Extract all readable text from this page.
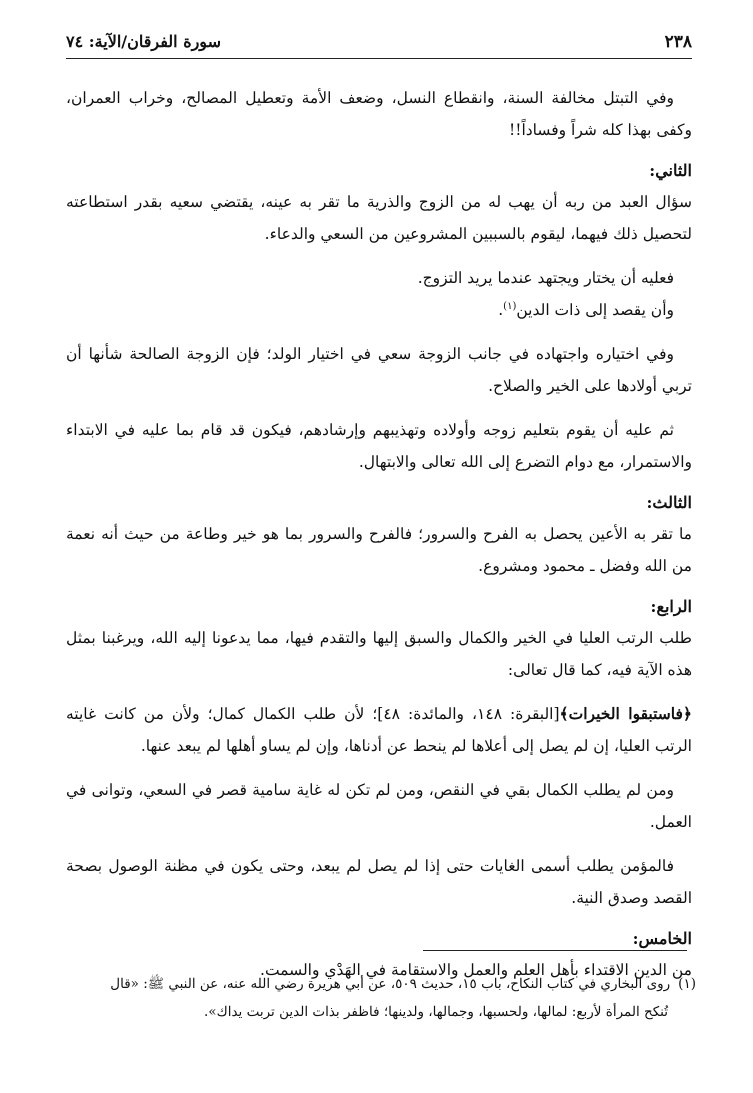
٢٣٨
سورة الفرقان/الآية: ٧٤

وفي التبتل مخالفة السنة، وانقطاع النسل، وضعف الأمة وتعطيل المصالح، وخراب العمران، وكفى بهذا كله شراً وفساداً!!

الثاني:

سؤال العبد من ربه أن يهب له من الزوج والذرية ما تقر به عينه، يقتضي سعيه بقدر استطاعته لتحصيل ذلك فيهما، ليقوم بالسببين المشروعين من السعي والدعاء.

فعليه أن يختار ويجتهد عندما يريد التزوج.

وأن يقصد إلى ذات الدين$^{(١)}$.

وفي اختياره واجتهاده في جانب الزوجة سعي في اختيار الولد؛ فإن الزوجة الصالحة شأنها أن تربي أولادها على الخير والصلاح.

ثم عليه أن يقوم بتعليم زوجه وأولاده وتهذيبهم وإرشادهم، فيكون قد قام بما عليه في الابتداء والاستمرار، مع دوام التضرع إلى الله تعالى والابتهال.

الثالث:

ما تقر به الأعين يحصل به الفرح والسرور؛ فالفرح والسرور بما هو خير وطاعة من حيث أنه نعمة من الله وفضل ـ محمود ومشروع.

الرابع:

طلب الرتب العليا في الخير والكمال والسبق إليها والتقدم فيها، مما يدعونا إليه الله، ويرغبنا بمثل هذه الآية فيه، كما قال تعالى:

﴿فاستبقوا الخيرات﴾[البقرة: ١٤٨، والمائدة: ٤٨]؛ لأن طلب الكمال كمال؛ ولأن من كانت غايته الرتب العليا، إن لم يصل إلى أعلاها لم ينحط عن أدناها، وإن لم يساو أهلها لم يبعد عنها.

ومن لم يطلب الكمال بقي في النقص، ومن لم تكن له غاية سامية قصر في السعي، وتوانى في العمل.

فالمؤمن يطلب أسمى الغايات حتى إذا لم يصل لم يبعد، وحتى يكون في مظنة الوصول بصحة القصد وصدق النية.

الخامس:

من الدين الاقتداء بأهل العلم والعمل والاستقامة في الهَدْي والسمت.

(١)روى البخاري في كتاب النكاح، باب ١٥، حديث ٥٠٩، عن أبي هريرة رضي الله عنه، عن النبي ﷺ: «قال
تُنكح المرأة لأربع: لمالها، ولحسبها، وجمالها، ولدينها؛ فاظفر بذات الدين تربت يداك».
